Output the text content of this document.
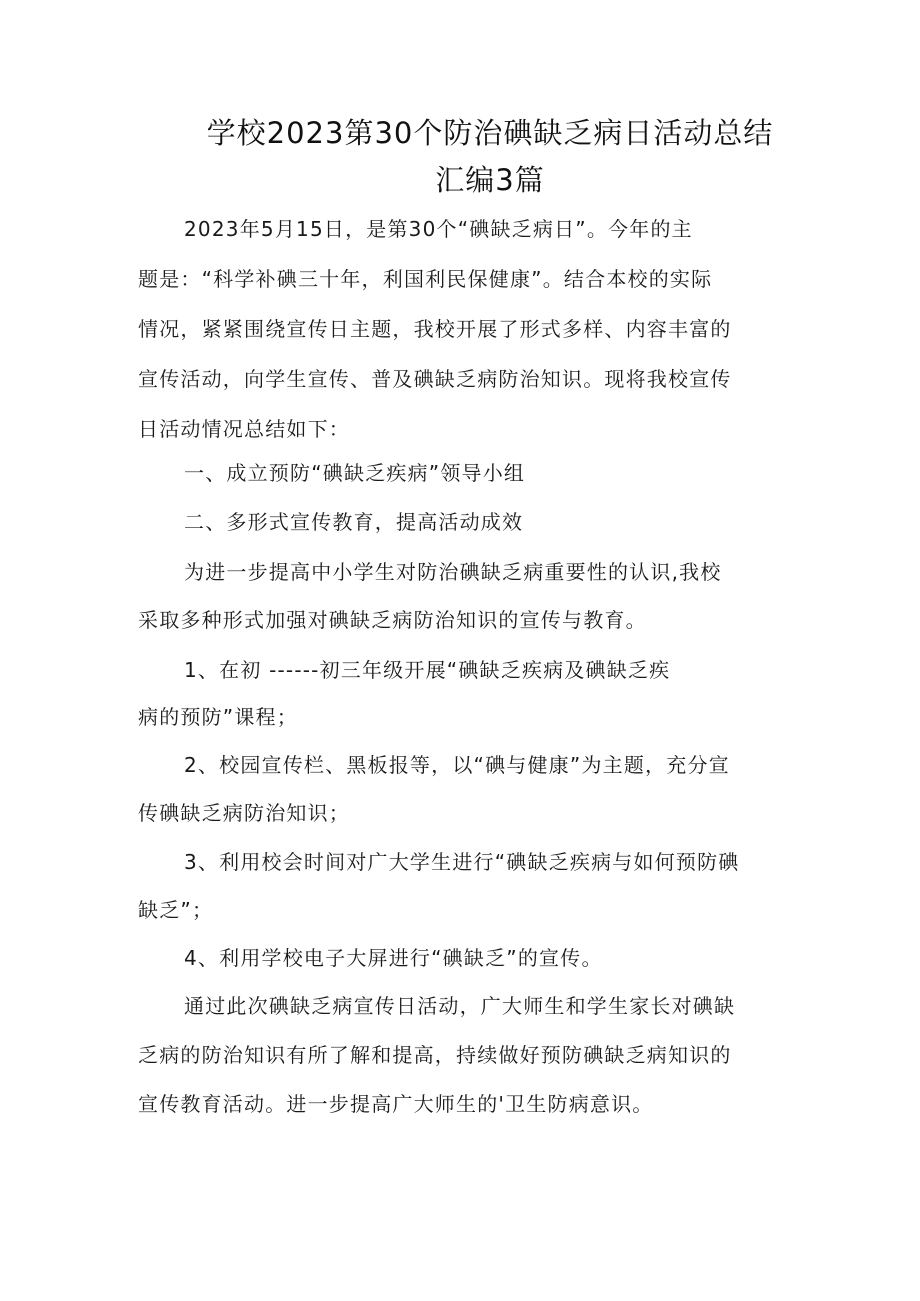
学校2023第30个防治碘缺乏病日活动总结
汇编3篇
2023年5月15日，是第30个“碘缺乏病日”。今年的主
题是：“科学补碘三十年，利国利民保健康”。结合本校的实际
情况，紧紧围绕宣传日主题，我校开展了形式多样、内容丰富的
宣传活动，向学生宣传、普及碘缺乏病防治知识。现将我校宣传
日活动情况总结如下：
一、成立预防“碘缺乏疾病”领导小组
二、多形式宣传教育，提高活动成效
为进一步提高中小学生对防治碘缺乏病重要性的认识,我校
采取多种形式加强对碘缺乏病防治知识的宣传与教育。
1、在初 ------初三年级开展“碘缺乏疾病及碘缺乏疾
病的预防”课程；
2、校园宣传栏、黑板报等，以“碘与健康”为主题，充分宣
传碘缺乏病防治知识；
3、利用校会时间对广大学生进行“碘缺乏疾病与如何预防碘
缺乏”；
4、利用学校电子大屏进行“碘缺乏”的宣传。
通过此次碘缺乏病宣传日活动，广大师生和学生家长对碘缺
乏病的防治知识有所了解和提高，持续做好预防碘缺乏病知识的
宣传教育活动。进一步提高广大师生的'卫生防病意识。
